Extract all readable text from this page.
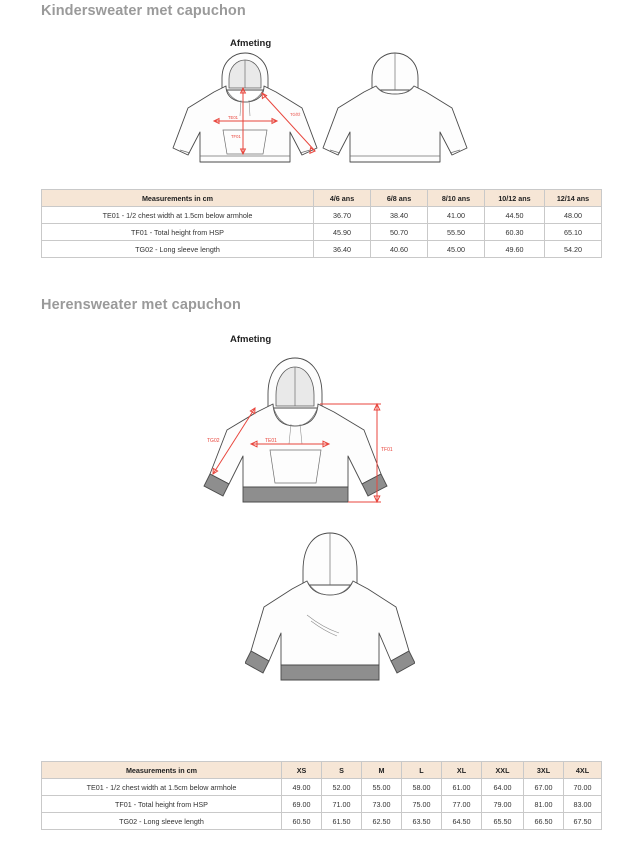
Kindersweater met capuchon
Afmeting
TE01
TF01
TG02
Measurements in cm	4/6 ans	6/8 ans	8/10 ans	10/12 ans	12/14 ans
TE01 - 1/2 chest width at 1.5cm below armhole	36.70	38.40	41.00	44.50	48.00
TF01 - Total height from HSP	45.90	50.70	55.50	60.30	65.10
TG02 - Long sleeve length	36.40	40.60	45.00	49.60	54.20
Herensweater met capuchon
Afmeting
TG02	TE01
TF01
Measurements in cm	XS	S	M	L	XL	XXL	3XL	4XL
TE01 - 1/2 chest width at 1.5cm below armhole	49.00	52.00	55.00	58.00	61.00	64.00	67.00	70.00
TF01 - Total height from HSP	69.00	71.00	73.00	75.00	77.00	79.00	81.00	83.00
TG02 - Long sleeve length	60.50	61.50	62.50	63.50	64.50	65.50	66.50	67.50
